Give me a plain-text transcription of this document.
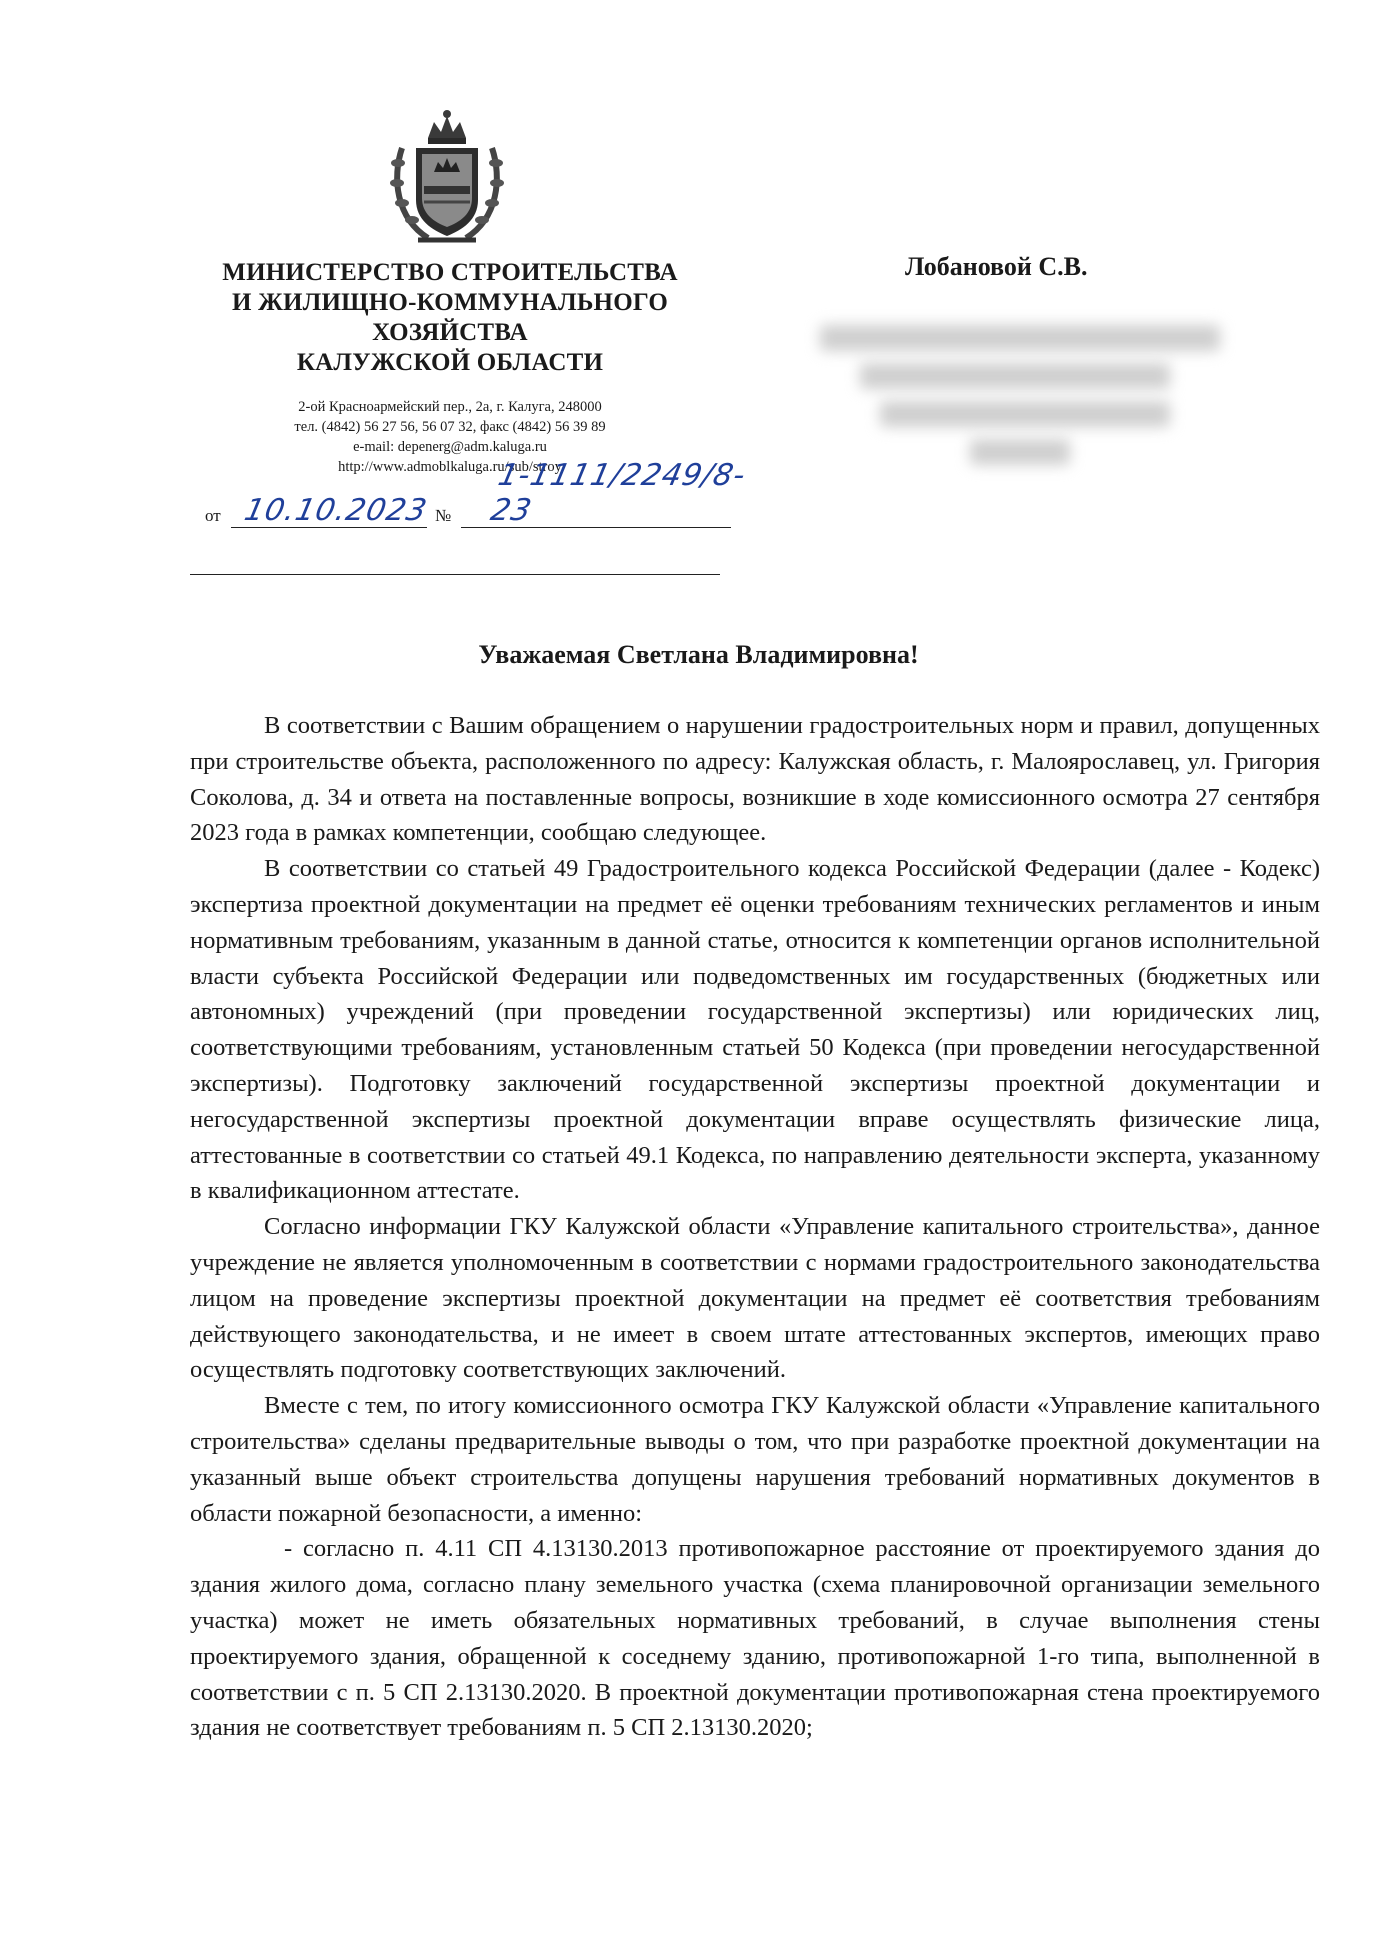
МИНИСТЕРСТВО СТРОИТЕЛЬСТВА
И ЖИЛИЩНО-КОММУНАЛЬНОГО
ХОЗЯЙСТВА
КАЛУЖСКОЙ ОБЛАСТИ
2-ой Красноармейский пер., 2а, г. Калуга, 248000
тел. (4842) 56 27 56, 56 07 32, факс (4842) 56 39 89
e-mail: depenerg@adm.kaluga.ru
http://www.admoblkaluga.ru/sub/stroy
от 10.10.2023 №
1-1111/2249/8-23
Лобановой С.В.
Уважаемая Светлана Владимировна!

В соответствии с Вашим обращением о нарушении градостроительных норм и правил, допущенных при строительстве объекта, расположенного по адресу: Калужская область, г. Малоярославец, ул. Григория Соколова, д. 34 и ответа на поставленные вопросы, возникшие в ходе комиссионного осмотра 27 сентября 2023 года в рамках компетенции, сообщаю следующее.

В соответствии со статьей 49 Градостроительного кодекса Российской Федерации (далее - Кодекс) экспертиза проектной документации на предмет её оценки требованиям технических регламентов и иным нормативным требованиям, указанным в данной статье, относится к компетенции органов исполнительной власти субъекта Российской Федерации или подведомственных им государственных (бюджетных или автономных) учреждений (при проведении государственной экспертизы) или юридических лиц, соответствующими требованиям, установленным статьей 50 Кодекса (при проведении негосударственной экспертизы). Подготовку заключений государственной экспертизы проектной документации и негосударственной экспертизы проектной документации вправе осуществлять физические лица, аттестованные в соответствии со статьей 49.1 Кодекса, по направлению деятельности эксперта, указанному в квалификационном аттестате.

Согласно информации ГКУ Калужской области «Управление капитального строительства», данное учреждение не является уполномоченным в соответствии с нормами градостроительного законодательства лицом на проведение экспертизы проектной документации на предмет её соответствия требованиям действующего законодательства, и не имеет в своем штате аттестованных экспертов, имеющих право осуществлять подготовку соответствующих заключений.

Вместе с тем, по итогу комиссионного осмотра ГКУ Калужской области «Управление капитального строительства» сделаны предварительные выводы о том, что при разработке проектной документации на указанный выше объект строительства допущены нарушения требований нормативных документов в области пожарной безопасности, а именно:

- согласно п. 4.11 СП 4.13130.2013 противопожарное расстояние от проектируемого здания до здания жилого дома, согласно плану земельного участка (схема планировочной организации земельного участка) может не иметь обязательных нормативных требований, в случае выполнения стены проектируемого здания, обращенной к соседнему зданию, противопожарной 1-го типа, выполненной в соответствии с п. 5 СП 2.13130.2020. В проектной документации противопожарная стена проектируемого здания не соответствует требованиям п. 5 СП 2.13130.2020;
